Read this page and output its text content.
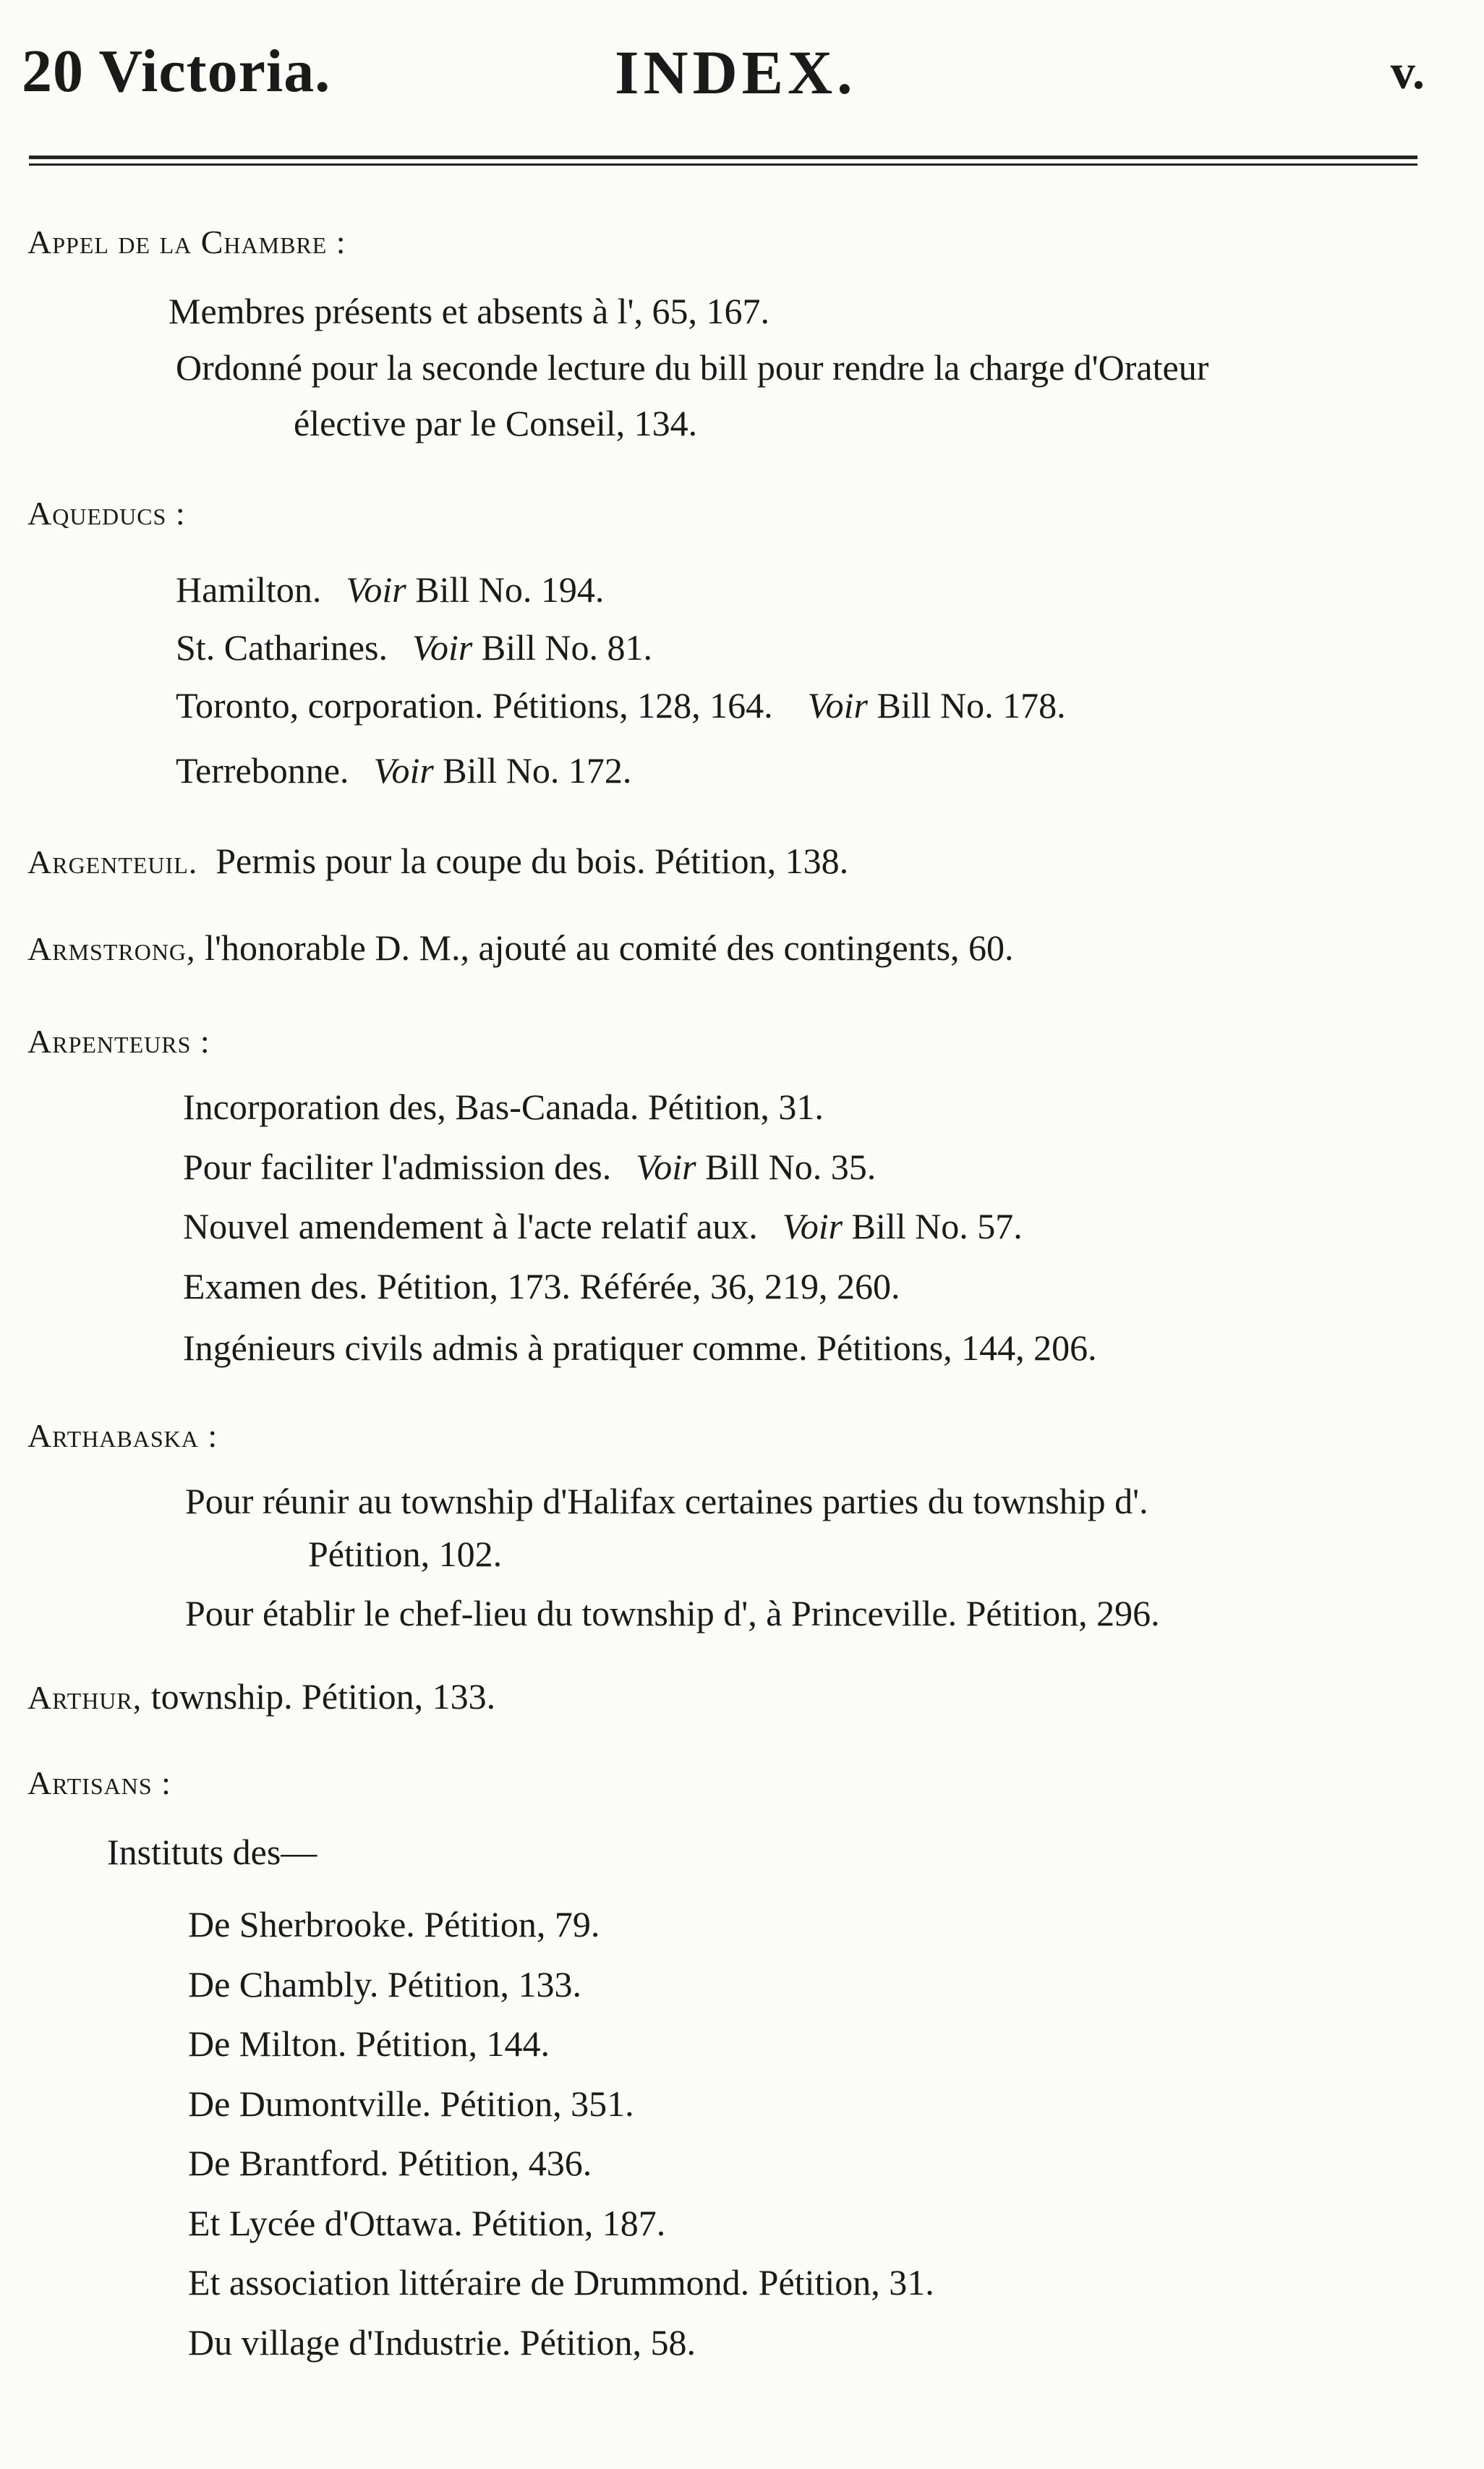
20 Victoria.	INDEX.	v.
Appel de la Chambre :
Membres présents et absents à l', 65, 167.
Ordonné pour la seconde lecture du bill pour rendre la charge d'Orateur
élective par le Conseil, 134.
Aqueducs :
Hamilton. Voir Bill No. 194.
St. Catharines. Voir Bill No. 81.
Toronto, corporation. Pétitions, 128, 164. Voir Bill No. 178.
Terrebonne. Voir Bill No. 172.
Argenteuil. Permis pour la coupe du bois. Pétition, 138.
Armstrong, l'honorable D. M., ajouté au comité des contingents, 60.
Arpenteurs :
Incorporation des, Bas-Canada. Pétition, 31.
Pour faciliter l'admission des. Voir Bill No. 35.
Nouvel amendement à l'acte relatif aux. Voir Bill No. 57.
Examen des. Pétition, 173. Référée, 36, 219, 260.
Ingénieurs civils admis à pratiquer comme. Pétitions, 144, 206.
Arthabaska :
Pour réunir au township d'Halifax certaines parties du township d'.
Pétition, 102.
Pour établir le chef-lieu du township d', à Princeville. Pétition, 296.
Arthur, township. Pétition, 133.
Artisans :
Instituts des—
De Sherbrooke. Pétition, 79.
De Chambly. Pétition, 133.
De Milton. Pétition, 144.
De Dumontville. Pétition, 351.
De Brantford. Pétition, 436.
Et Lycée d'Ottawa. Pétition, 187.
Et association littéraire de Drummond. Pétition, 31.
Du village d'Industrie. Pétition, 58.
